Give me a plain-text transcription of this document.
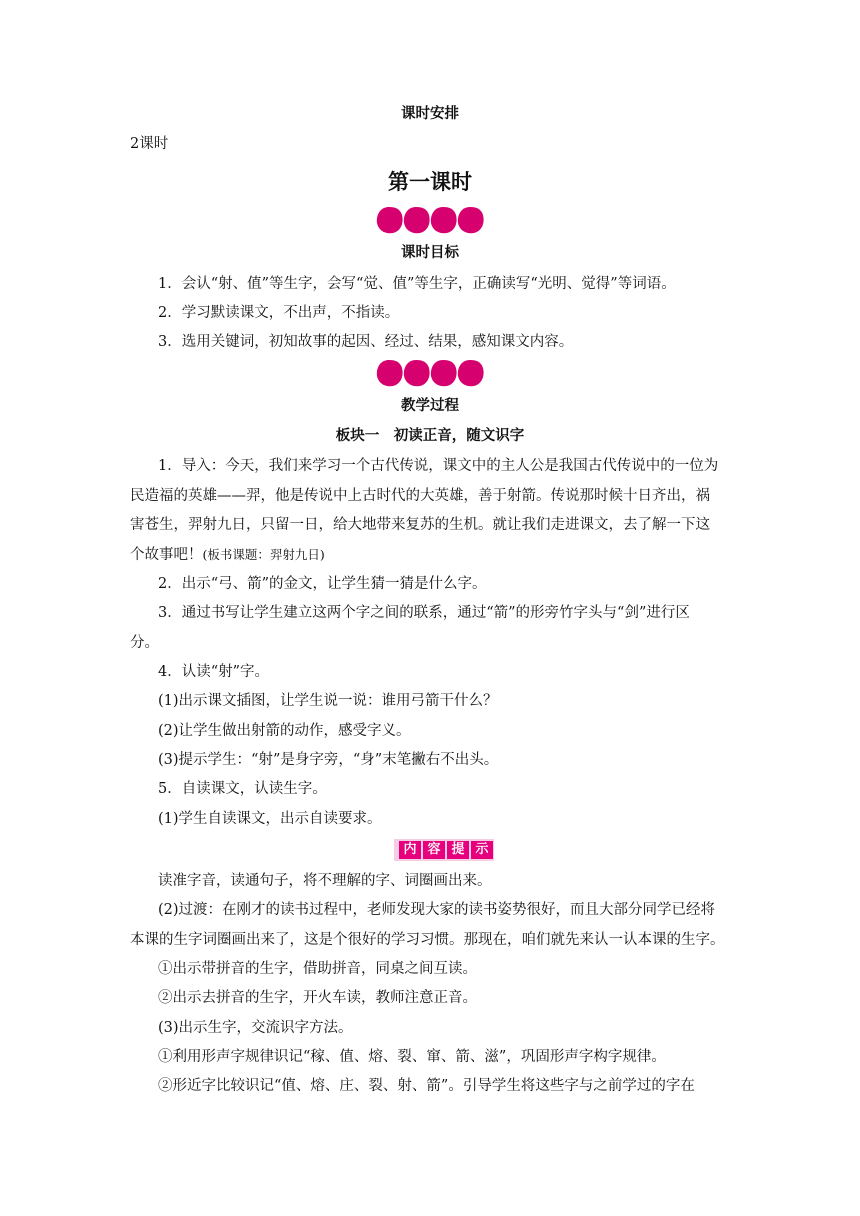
课时安排
2课时
第一课时
课时目标
1．会认“射、值”等生字，会写“觉、值”等生字，正确读写“光明、觉得”等词语。
2．学习默读课文，不出声，不指读。
3．选用关键词，初知故事的起因、经过、结果，感知课文内容。
教学过程
板块一　初读正音，随文识字
1．导入：今天，我们来学习一个古代传说，课文中的主人公是我国古代传说中的一位为
民造福的英雄——羿，他是传说中上古时代的大英雄，善于射箭。传说那时候十日齐出，祸
害苍生，羿射九日，只留一日，给大地带来复苏的生机。就让我们走进课文，去了解一下这
个故事吧！(板书课题：羿射九日)
2．出示“弓、箭”的金文，让学生猜一猜是什么字。
3．通过书写让学生建立这两个字之间的联系，通过“箭”的形旁竹字头与“剑”进行区
分。
4．认读“射”字。
(1)出示课文插图，让学生说一说：谁用弓箭干什么？
(2)让学生做出射箭的动作，感受字义。
(3)提示学生：“射”是身字旁，“身”末笔撇右不出头。
5．自读课文，认读生字。
(1)学生自读课文，出示自读要求。
内 容 提 示
读准字音，读通句子，将不理解的字、词圈画出来。
(2)过渡：在刚才的读书过程中，老师发现大家的读书姿势很好，而且大部分同学已经将
本课的生字词圈画出来了，这是个很好的学习习惯。那现在，咱们就先来认一认本课的生字。
①出示带拼音的生字，借助拼音，同桌之间互读。
②出示去拼音的生字，开火车读，教师注意正音。
(3)出示生字，交流识字方法。
①利用形声字规律识记“稼、值、熔、裂、窜、箭、滋”，巩固形声字构字规律。
②形近字比较识记“值、熔、庄、裂、射、箭”。引导学生将这些字与之前学过的字在
